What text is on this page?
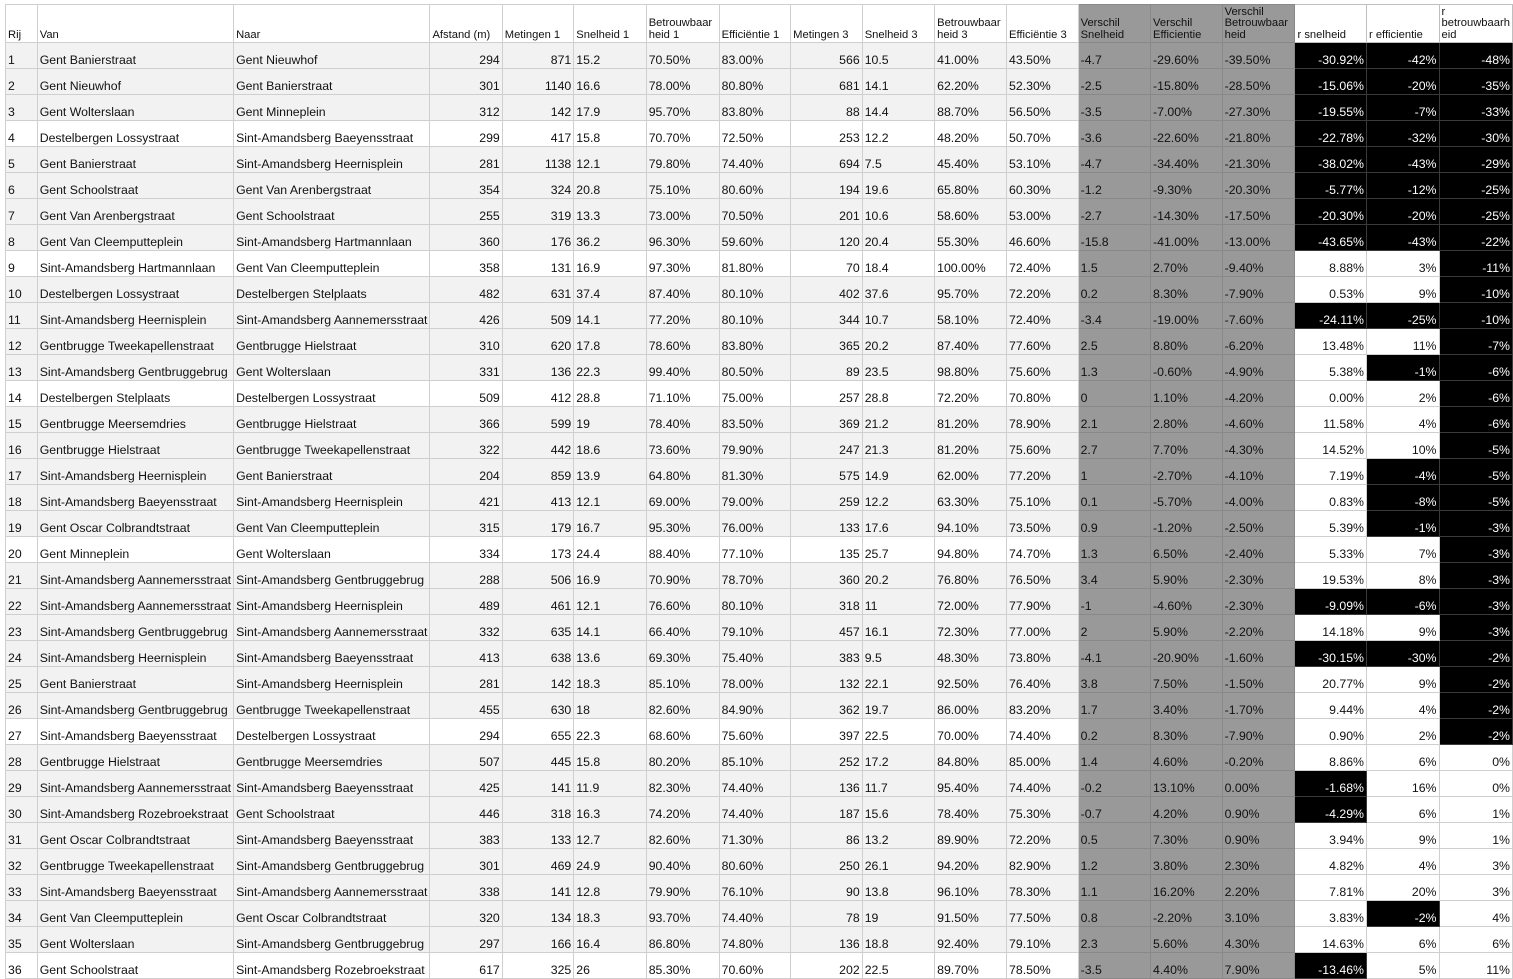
Rij	Van	Naar	Afstand (m)	Metingen 1	Snelheid 1	Betrouwbaar heid 1	Efficiëntie 1	Metingen 3	Snelheid 3	Betrouwbaar heid 3	Efficiëntie 3	Verschil Snelheid	Verschil Efficientie	Verschil Betrouwbaar heid	r snelheid	r efficientie	r betrouwbaarh eid
1	Gent Banierstraat	Gent Nieuwhof	294	871	15.2	70.50%	83.00%	566	10.5	41.00%	43.50%	-4.7	-29.60%	-39.50%	-30.92%	-42%	-48%
2	Gent Nieuwhof	Gent Banierstraat	301	1140	16.6	78.00%	80.80%	681	14.1	62.20%	52.30%	-2.5	-15.80%	-28.50%	-15.06%	-20%	-35%
3	Gent Wolterslaan	Gent Minneplein	312	142	17.9	95.70%	83.80%	88	14.4	88.70%	56.50%	-3.5	-7.00%	-27.30%	-19.55%	-7%	-33%
4	Destelbergen Lossystraat	Sint-Amandsberg Baeyensstraat	299	417	15.8	70.70%	72.50%	253	12.2	48.20%	50.70%	-3.6	-22.60%	-21.80%	-22.78%	-32%	-30%
5	Gent Banierstraat	Sint-Amandsberg Heernisplein	281	1138	12.1	79.80%	74.40%	694	7.5	45.40%	53.10%	-4.7	-34.40%	-21.30%	-38.02%	-43%	-29%
6	Gent Schoolstraat	Gent Van Arenbergstraat	354	324	20.8	75.10%	80.60%	194	19.6	65.80%	60.30%	-1.2	-9.30%	-20.30%	-5.77%	-12%	-25%
7	Gent Van Arenbergstraat	Gent Schoolstraat	255	319	13.3	73.00%	70.50%	201	10.6	58.60%	53.00%	-2.7	-14.30%	-17.50%	-20.30%	-20%	-25%
8	Gent Van Cleemputteplein	Sint-Amandsberg Hartmannlaan	360	176	36.2	96.30%	59.60%	120	20.4	55.30%	46.60%	-15.8	-41.00%	-13.00%	-43.65%	-43%	-22%
9	Sint-Amandsberg Hartmannlaan	Gent Van Cleemputteplein	358	131	16.9	97.30%	81.80%	70	18.4	100.00%	72.40%	1.5	2.70%	-9.40%	8.88%	3%	-11%
10	Destelbergen Lossystraat	Destelbergen Stelplaats	482	631	37.4	87.40%	80.10%	402	37.6	95.70%	72.20%	0.2	8.30%	-7.90%	0.53%	9%	-10%
11	Sint-Amandsberg Heernisplein	Sint-Amandsberg Aannemersstraat	426	509	14.1	77.20%	80.10%	344	10.7	58.10%	72.40%	-3.4	-19.00%	-7.60%	-24.11%	-25%	-10%
12	Gentbrugge Tweekapellenstraat	Gentbrugge Hielstraat	310	620	17.8	78.60%	83.80%	365	20.2	87.40%	77.60%	2.5	8.80%	-6.20%	13.48%	11%	-7%
13	Sint-Amandsberg Gentbruggebrug	Gent Wolterslaan	331	136	22.3	99.40%	80.50%	89	23.5	98.80%	75.60%	1.3	-0.60%	-4.90%	5.38%	-1%	-6%
14	Destelbergen Stelplaats	Destelbergen Lossystraat	509	412	28.8	71.10%	75.00%	257	28.8	72.20%	70.80%	0	1.10%	-4.20%	0.00%	2%	-6%
15	Gentbrugge Meersemdries	Gentbrugge Hielstraat	366	599	19	78.40%	83.50%	369	21.2	81.20%	78.90%	2.1	2.80%	-4.60%	11.58%	4%	-6%
16	Gentbrugge Hielstraat	Gentbrugge Tweekapellenstraat	322	442	18.6	73.60%	79.90%	247	21.3	81.20%	75.60%	2.7	7.70%	-4.30%	14.52%	10%	-5%
17	Sint-Amandsberg Heernisplein	Gent Banierstraat	204	859	13.9	64.80%	81.30%	575	14.9	62.00%	77.20%	1	-2.70%	-4.10%	7.19%	-4%	-5%
18	Sint-Amandsberg Baeyensstraat	Sint-Amandsberg Heernisplein	421	413	12.1	69.00%	79.00%	259	12.2	63.30%	75.10%	0.1	-5.70%	-4.00%	0.83%	-8%	-5%
19	Gent Oscar Colbrandtstraat	Gent Van Cleemputteplein	315	179	16.7	95.30%	76.00%	133	17.6	94.10%	73.50%	0.9	-1.20%	-2.50%	5.39%	-1%	-3%
20	Gent Minneplein	Gent Wolterslaan	334	173	24.4	88.40%	77.10%	135	25.7	94.80%	74.70%	1.3	6.50%	-2.40%	5.33%	7%	-3%
21	Sint-Amandsberg Aannemersstraat	Sint-Amandsberg Gentbruggebrug	288	506	16.9	70.90%	78.70%	360	20.2	76.80%	76.50%	3.4	5.90%	-2.30%	19.53%	8%	-3%
22	Sint-Amandsberg Aannemersstraat	Sint-Amandsberg Heernisplein	489	461	12.1	76.60%	80.10%	318	11	72.00%	77.90%	-1	-4.60%	-2.30%	-9.09%	-6%	-3%
23	Sint-Amandsberg Gentbruggebrug	Sint-Amandsberg Aannemersstraat	332	635	14.1	66.40%	79.10%	457	16.1	72.30%	77.00%	2	5.90%	-2.20%	14.18%	9%	-3%
24	Sint-Amandsberg Heernisplein	Sint-Amandsberg Baeyensstraat	413	638	13.6	69.30%	75.40%	383	9.5	48.30%	73.80%	-4.1	-20.90%	-1.60%	-30.15%	-30%	-2%
25	Gent Banierstraat	Sint-Amandsberg Heernisplein	281	142	18.3	85.10%	78.00%	132	22.1	92.50%	76.40%	3.8	7.50%	-1.50%	20.77%	9%	-2%
26	Sint-Amandsberg Gentbruggebrug	Gentbrugge Tweekapellenstraat	455	630	18	82.60%	84.90%	362	19.7	86.00%	83.20%	1.7	3.40%	-1.70%	9.44%	4%	-2%
27	Sint-Amandsberg Baeyensstraat	Destelbergen Lossystraat	294	655	22.3	68.60%	75.60%	397	22.5	70.00%	74.40%	0.2	8.30%	-7.90%	0.90%	2%	-2%
28	Gentbrugge Hielstraat	Gentbrugge Meersemdries	507	445	15.8	80.20%	85.10%	252	17.2	84.80%	85.00%	1.4	4.60%	-0.20%	8.86%	6%	0%
29	Sint-Amandsberg Aannemersstraat	Sint-Amandsberg Baeyensstraat	425	141	11.9	82.30%	74.40%	136	11.7	95.40%	74.40%	-0.2	13.10%	0.00%	-1.68%	16%	0%
30	Sint-Amandsberg Rozebroekstraat	Gent Schoolstraat	446	318	16.3	74.20%	74.40%	187	15.6	78.40%	75.30%	-0.7	4.20%	0.90%	-4.29%	6%	1%
31	Gent Oscar Colbrandtstraat	Sint-Amandsberg Baeyensstraat	383	133	12.7	82.60%	71.30%	86	13.2	89.90%	72.20%	0.5	7.30%	0.90%	3.94%	9%	1%
32	Gentbrugge Tweekapellenstraat	Sint-Amandsberg Gentbruggebrug	301	469	24.9	90.40%	80.60%	250	26.1	94.20%	82.90%	1.2	3.80%	2.30%	4.82%	4%	3%
33	Sint-Amandsberg Baeyensstraat	Sint-Amandsberg Aannemersstraat	338	141	12.8	79.90%	76.10%	90	13.8	96.10%	78.30%	1.1	16.20%	2.20%	7.81%	20%	3%
34	Gent Van Cleemputteplein	Gent Oscar Colbrandtstraat	320	134	18.3	93.70%	74.40%	78	19	91.50%	77.50%	0.8	-2.20%	3.10%	3.83%	-2%	4%
35	Gent Wolterslaan	Sint-Amandsberg Gentbruggebrug	297	166	16.4	86.80%	74.80%	136	18.8	92.40%	79.10%	2.3	5.60%	4.30%	14.63%	6%	6%
36	Gent Schoolstraat	Sint-Amandsberg Rozebroekstraat	617	325	26	85.30%	70.60%	202	22.5	89.70%	78.50%	-3.5	4.40%	7.90%	-13.46%	5%	11%
